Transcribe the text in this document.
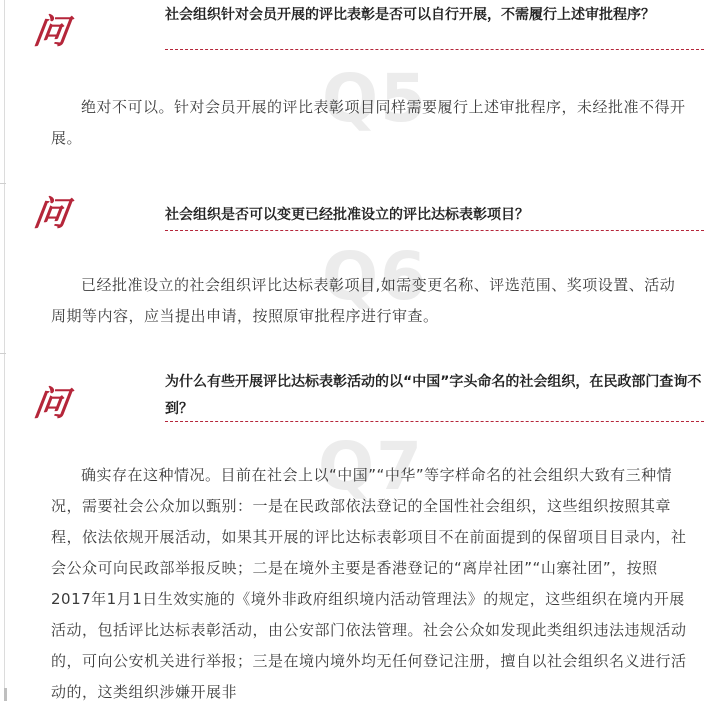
问	社会组织针对会员开展的评比表彰是否可以自行开展，不需履行上述审批程序？
Q5

绝对不可以。针对会员开展的评比表彰项目同样需要履行上述审批程序，未经批准不得开展。

问	社会组织是否可以变更已经批准设立的评比达标表彰项目？
Q6

已经批准设立的社会组织评比达标表彰项目,如需变更名称、评选范围、奖项设置、活动周期等内容，应当提出申请，按照原审批程序进行审查。

问
为什么有些开展评比达标表彰活动的以“中国”字头命名的社会组织，在民政部门查询不到？
Q7

确实存在这种情况。目前在社会上以“中国”“中华”等字样命名的社会组织大致有三种情况，需要社会公众加以甄别：一是在民政部依法登记的全国性社会组织，这些组织按照其章程，依法依规开展活动，如果其开展的评比达标表彰项目不在前面提到的保留项目目录内，社会公众可向民政部举报反映；二是在境外主要是香港登记的“离岸社团”“山寨社团”，按照2017年1月1日生效实施的《境外非政府组织境内活动管理法》的规定，这些组织在境内开展活动，包括评比达标表彰活动，由公安部门依法管理。社会公众如发现此类组织违法违规活动的，可向公安机关进行举报；三是在境内境外均无任何登记注册，擅自以社会组织名义进行活动的，这类组织涉嫌开展非
